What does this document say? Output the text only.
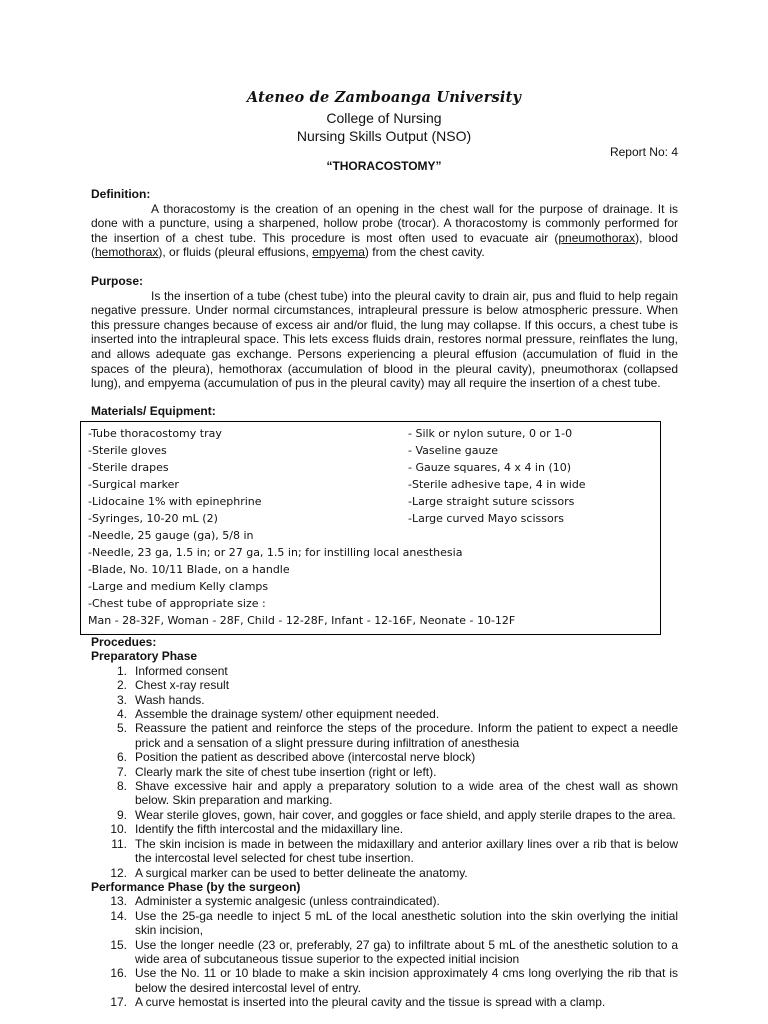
Ateneo de Zamboanga University
College of Nursing
Nursing Skills Output (NSO)
Report No: 4
“THORACOSTOMY”
Definition:

A thoracostomy is the creation of an opening in the chest wall for the purpose of drainage. It is done with a puncture, using a sharpened, hollow probe (trocar). A thoracostomy is commonly performed for the insertion of a chest tube. This procedure is most often used to evacuate air (pneumothorax), blood (hemothorax), or fluids (pleural effusions, empyema) from the chest cavity.

Purpose:

Is the insertion of a tube (chest tube) into the pleural cavity to drain air, pus and fluid to help regain negative pressure. Under normal circumstances, intrapleural pressure is below atmospheric pressure. When this pressure changes because of excess air and/or fluid, the lung may collapse. If this occurs, a chest tube is inserted into the intrapleural space. This lets excess fluids drain, restores normal pressure, reinflates the lung, and allows adequate gas exchange. Persons experiencing a pleural effusion (accumulation of fluid in the spaces of the pleura), hemothorax (accumulation of blood in the pleural cavity), pneumothorax (collapsed lung), and empyema (accumulation of pus in the pleural cavity) may all require the insertion of a chest tube.

Materials/ Equipment:
-Tube thoracostomy tray
-Sterile gloves
-Sterile drapes
-Surgical marker
-Lidocaine 1% with epinephrine
-Syringes, 10-20 mL (2)
-Needle, 25 gauge (ga), 5/8 in
-Needle, 23 ga, 1.5 in; or 27 ga, 1.5 in; for instilling local anesthesia
-Blade, No. 10/11 Blade, on a handle
-Large and medium Kelly clamps
-Chest tube of appropriate size :
Man - 28-32F, Woman - 28F, Child - 12-28F, Infant - 12-16F, Neonate - 10-12F
- Silk or nylon suture, 0 or 1-0
- Vaseline gauze
- Gauze squares, 4 x 4 in (10)
-Sterile adhesive tape, 4 in wide
-Large straight suture scissors
-Large curved Mayo scissors
Procedues:
Preparatory Phase
1. Informed consent
2. Chest x-ray result
3. Wash hands.
4. Assemble the drainage system/ other equipment needed.
5. Reassure the patient and reinforce the steps of the procedure. Inform the patient to expect a needle prick and a sensation of a slight pressure during infiltration of anesthesia
6. Position the patient as described above (intercostal nerve block)
7. Clearly mark the site of chest tube insertion (right or left).
8. Shave excessive hair and apply a preparatory solution to a wide area of the chest wall as shown below. Skin preparation and marking.
9. Wear sterile gloves, gown, hair cover, and goggles or face shield, and apply sterile drapes to the area.
10. Identify the fifth intercostal and the midaxillary line.
11. The skin incision is made in between the midaxillary and anterior axillary lines over a rib that is below the intercostal level selected for chest tube insertion.
12. A surgical marker can be used to better delineate the anatomy.
Performance Phase (by the surgeon)
13. Administer a systemic analgesic (unless contraindicated).
14. Use the 25-ga needle to inject 5 mL of the local anesthetic solution into the skin overlying the initial skin incision,
15. Use the longer needle (23 or, preferably, 27 ga) to infiltrate about 5 mL of the anesthetic solution to a wide area of subcutaneous tissue superior to the expected initial incision
16. Use the No. 11 or 10 blade to make a skin incision approximately 4 cms long overlying the rib that is below the desired intercostal level of entry.
17. A curve hemostat is inserted into the pleural cavity and the tissue is spread with a clamp.
